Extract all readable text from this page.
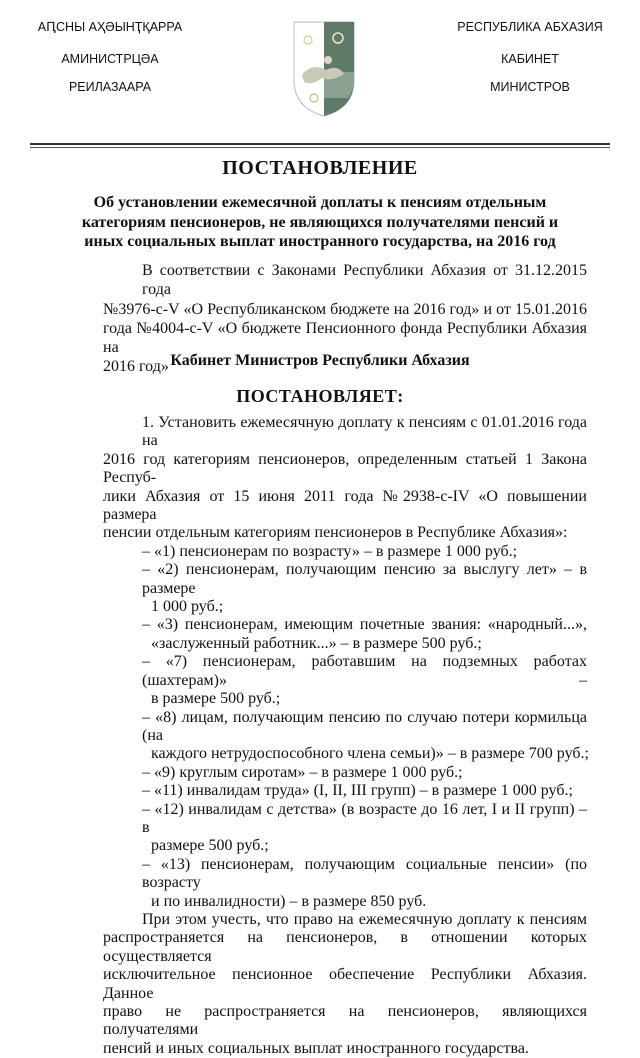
АԤСНЫ АҲӘЫНҬҚАРРА
АМИНИСТРЦӘА
РЕИЛАЗААРА
РЕСПУБЛИКА АБХАЗИЯ
КАБИНЕТ
МИНИСТРОВ
ПОСТАНОВЛЕНИЕ
Об установлении ежемесячной доплаты к пенсиям отдельным
категориям пенсионеров, не являющихся получателями пенсий и
иных социальных выплат иностранного государства, на 2016 год
В соответствии с Законами Республики Абхазия от 31.12.2015 года
№3976-с-V «О Республиканском бюджете на 2016 год» и от 15.01.2016
года №4004-с-V «О бюджете Пенсионного фонда Республики Абхазия на
2016 год» Кабинет Министров Республики Абхазия
ПОСТАНОВЛЯЕТ:
1. Установить ежемесячную доплату к пенсиям с 01.01.2016 года на
2016 год категориям пенсионеров, определенным статьей 1 Закона Респуб-
лики Абхазия от 15 июня 2011 года №2938-с-IV «О повышении размера
пенсии отдельным категориям пенсионеров в Республике Абхазия»:
– «1) пенсионерам по возрасту» – в размере 1 000 руб.;
– «2) пенсионерам, получающим пенсию за выслугу лет» – в размере
1 000 руб.;
– «3) пенсионерам, имеющим почетные звания: «народный...»,
«заслуженный работник...» – в размере 500 руб.;
– «7) пенсионерам, работавшим на подземных работах (шахтерам)» –
в размере 500 руб.;
– «8) лицам, получающим пенсию по случаю потери кормильца (на
каждого нетрудоспособного члена семьи)» – в размере 700 руб.;
– «9) круглым сиротам» – в размере 1 000 руб.;
– «11) инвалидам труда» (I, II, III групп) – в размере 1 000 руб.;
– «12) инвалидам с детства» (в возрасте до 16 лет, I и II групп) – в
размере 500 руб.;
– «13) пенсионерам, получающим социальные пенсии» (по возрасту
и по инвалидности) – в размере 850 руб.
При этом учесть, что право на ежемесячную доплату к пенсиям
распространяется на пенсионеров, в отношении которых осуществляется
исключительное пенсионное обеспечение Республики Абхазия. Данное
право не распространяется на пенсионеров, являющихся получателями
пенсий и иных социальных выплат иностранного государства.
